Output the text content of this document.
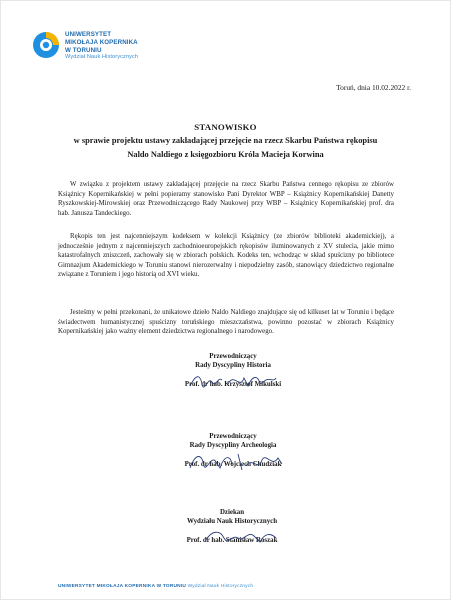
UNIWERSYTET
MIKOŁAJA KOPERNIKA
W TORUNIU
Wydział Nauk Historycznych
Toruń, dnia 10.02.2022 r.
STANOWISKO
w sprawie projektu ustawy zakładającej przejęcie na rzecz Skarbu Państwa rękopisu
Naldo Naldiego z księgozbioru Króla Macieja Korwina
W związku z projektem ustawy zakładającej przejęcie na rzecz Skarbu Państwa cennego rękopisu ze zbiorów Książnicy Kopernikańskiej w pełni popieramy stanowisko Pani Dyrektor WBP – Książnicy Kopernikańskiej Danetty Ryszkowskiej-Mirowskiej oraz Przewodniczącego Rady Naukowej przy WBP – Książnicy Kopernikańskiej prof. dra hab. Janusza Tandeckiego.
Rękopis ten jest najcenniejszym kodeksem w kolekcji Książnicy (ze zbiorów biblioteki akademickiej), a jednocześnie jednym z najcenniejszych zachodnioeuropejskich rękopisów iluminowanych z XV stulecia, jakie mimo katastrofalnych zniszczeń, zachowały się w zbiorach polskich. Kodeks ten, wchodząc w skład spuścizny po bibliotece Gimnazjum Akademickiego w Toruniu stanowi nierozerwalny i niepodzielny zasób, stanowiący dziedzictwo regionalne związane z Toruniem i jego historią od XVI wieku.
Jesteśmy w pełni przekonani, że unikatowe dzieło Naldo Naldiego znajdujące się od kilkuset lat w Toruniu i będące świadectwem humanistycznej spuścizny toruńskiego mieszczaństwa, powinno pozostać w zbiorach Książnicy Kopernikańskiej jako ważny element dziedzictwa regionalnego i narodowego.
Przewodniczący
Rady Dyscypliny Historia
Prof. dr hab. Krzysztof Mikulski
Przewodniczący
Rady Dyscypliny Archeologia
Prof. dr hab. Wojciech Chudziak
Dziekan
Wydziału Nauk Historycznych
Prof. dr hab. Stanisław Roszak
UNIWERSYTET MIKOŁAJA KOPERNIKA W TORUNIU Wydział Nauk Historycznych
